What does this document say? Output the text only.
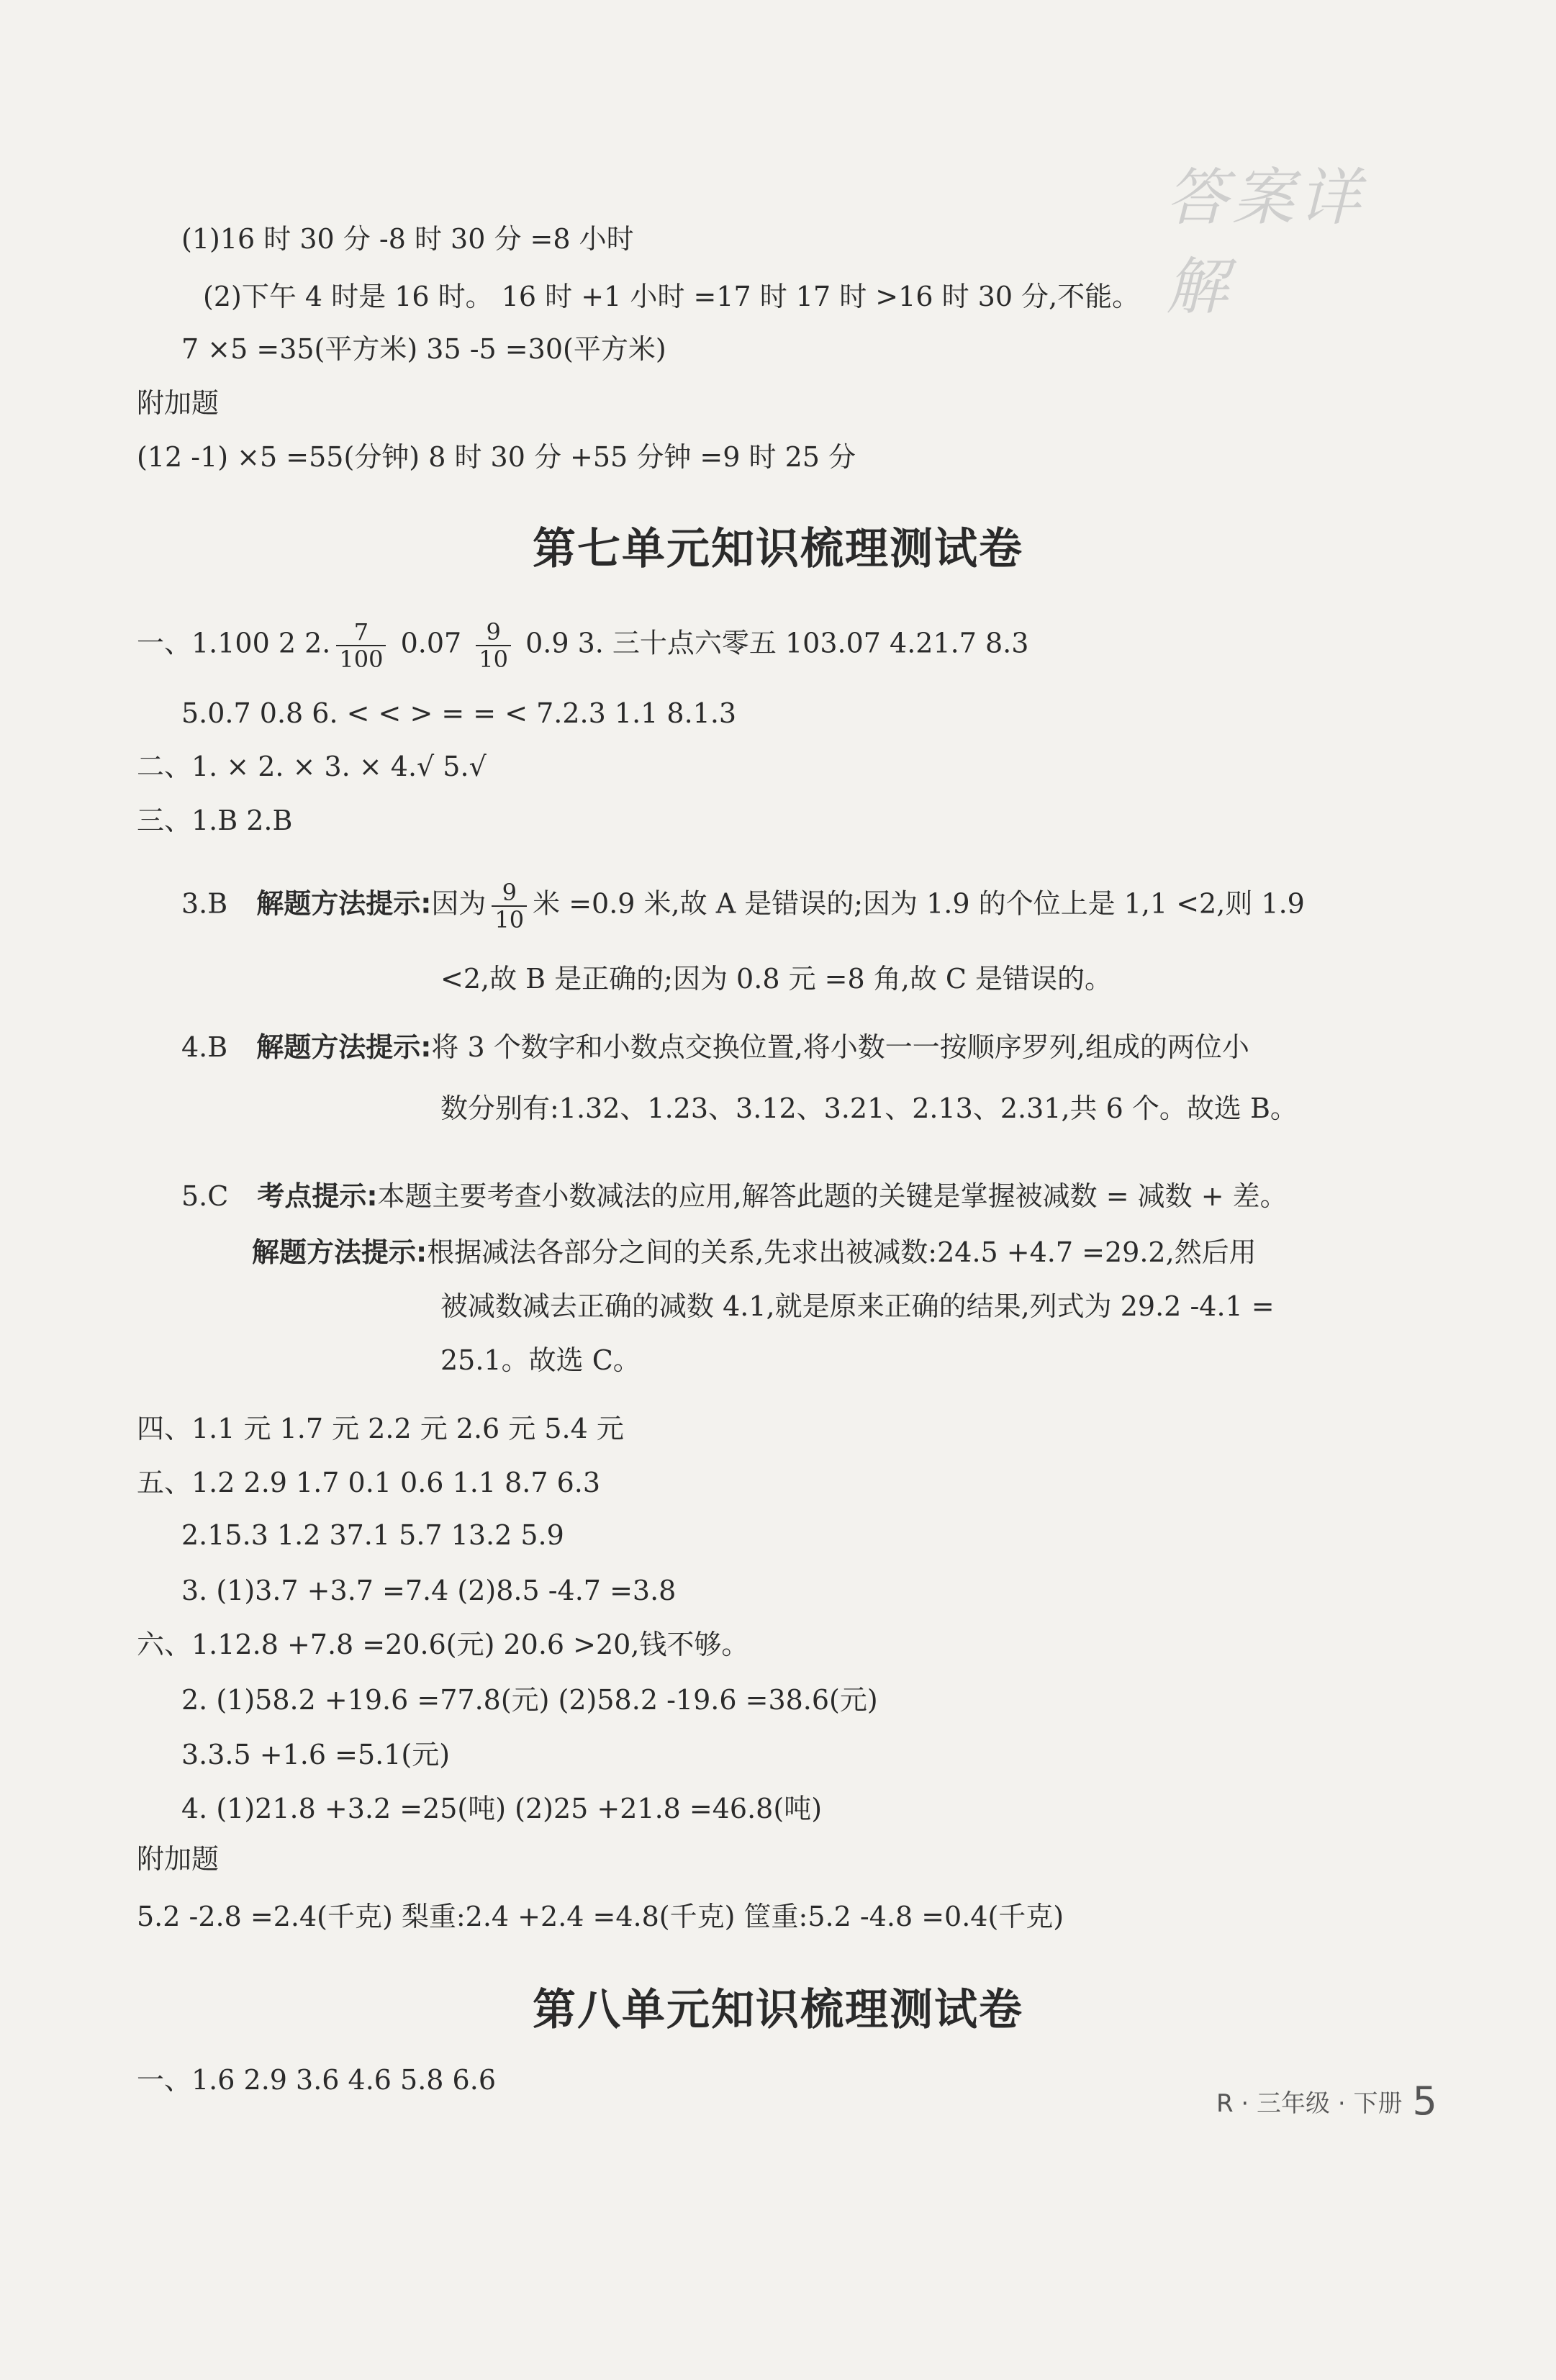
答案详解
(1)16 时 30 分 -8 时 30 分 =8 小时
(2)下午 4 时是 16 时。 16 时 +1 小时 =17 时 17 时 >16 时 30 分,不能。
7 ×5 =35(平方米) 35 -5 =30(平方米)
附加题
(12 -1) ×5 =55(分钟) 8 时 30 分 +55 分钟 =9 时 25 分
第七单元知识梳理测试卷
一、1.100 2 2. $\frac{7}{100} 0.07 \frac{9}{10} 0.9$ 3. 三十点六零五 103.07 4.21.7 8.3
5.0.7 0.8 6. < < > = = < 7.2.3 1.1 8.1.3
二、1. × 2. × 3. × 4.√ 5.√
三、1.B 2.B
3.B 解题方法提示:因为 $\frac{9}{10}$ 米 =0.9 米,故 A 是错误的;因为 1.9 的个位上是 1,1 <2,则 1.9
<2,故 B 是正确的;因为 0.8 元 =8 角,故 C 是错误的。
4.B 解题方法提示:将 3 个数字和小数点交换位置,将小数一一按顺序罗列,组成的两位小
数分别有:1.32、1.23、3.12、3.21、2.13、2.31,共 6 个。故选 B。
5.C 考点提示:本题主要考查小数减法的应用,解答此题的关键是掌握被减数 = 减数 + 差。
解题方法提示:根据减法各部分之间的关系,先求出被减数:24.5 +4.7 =29.2,然后用
被减数减去正确的减数 4.1,就是原来正确的结果,列式为 29.2 -4.1 =
25.1。故选 C。
四、1.1 元 1.7 元 2.2 元 2.6 元 5.4 元
五、1.2 2.9 1.7 0.1 0.6 1.1 8.7 6.3
2.15.3 1.2 37.1 5.7 13.2 5.9
3. (1)3.7 +3.7 =7.4 (2)8.5 -4.7 =3.8
六、1.12.8 +7.8 =20.6(元) 20.6 >20,钱不够。
2. (1)58.2 +19.6 =77.8(元) (2)58.2 -19.6 =38.6(元)
3.3.5 +1.6 =5.1(元)
4. (1)21.8 +3.2 =25(吨) (2)25 +21.8 =46.8(吨)
附加题
5.2 -2.8 =2.4(千克) 梨重:2.4 +2.4 =4.8(千克) 筐重:5.2 -4.8 =0.4(千克)
第八单元知识梳理测试卷
一、1.6 2.9 3.6 4.6 5.8 6.6
R · 三年级 · 下册 5
